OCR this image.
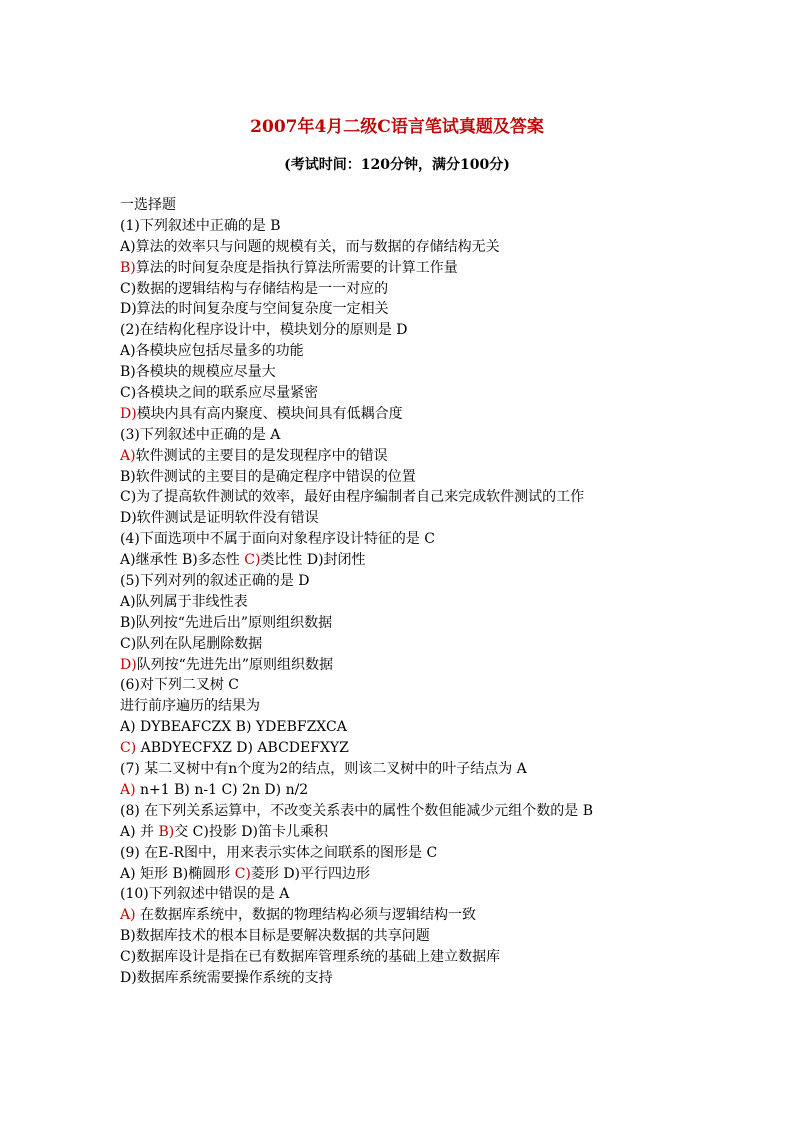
2007年4月二级C语言笔试真题及答案
(考试时间：120分钟，满分100分)
一选择题
(1)下列叙述中正确的是 B
A)算法的效率只与问题的规模有关，而与数据的存储结构无关
B)算法的时间复杂度是指执行算法所需要的计算工作量
C)数据的逻辑结构与存储结构是一一对应的
D)算法的时间复杂度与空间复杂度一定相关
(2)在结构化程序设计中，模块划分的原则是 D
A)各模块应包括尽量多的功能
B)各模块的规模应尽量大
C)各模块之间的联系应尽量紧密
D)模块内具有高内聚度、模块间具有低耦合度
(3)下列叙述中正确的是 A
A)软件测试的主要目的是发现程序中的错误
B)软件测试的主要目的是确定程序中错误的位置
C)为了提高软件测试的效率，最好由程序编制者自己来完成软件测试的工作
D)软件测试是证明软件没有错误
(4)下面选项中不属于面向对象程序设计特征的是 C
A)继承性 B)多态性 C)类比性 D)封闭性
(5)下列对列的叙述正确的是 D
A)队列属于非线性表
B)队列按“先进后出”原则组织数据
C)队列在队尾删除数据
D)队列按“先进先出”原则组织数据
(6)对下列二叉树 C
进行前序遍历的结果为
A) DYBEAFCZX B) YDEBFZXCA
C) ABDYECFXZ D) ABCDEFXYZ
(7) 某二叉树中有n个度为2的结点，则该二叉树中的叶子结点为 A
A) n+1 B) n-1 C) 2n D) n/2
(8) 在下列关系运算中，不改变关系表中的属性个数但能减少元组个数的是 B
A) 并 B)交 C)投影 D)笛卡儿乘积
(9) 在E-R图中，用来表示实体之间联系的图形是 C
A) 矩形 B)椭圆形 C)菱形 D)平行四边形
(10)下列叙述中错误的是 A
A) 在数据库系统中，数据的物理结构必须与逻辑结构一致
B)数据库技术的根本目标是要解决数据的共享问题
C)数据库设计是指在已有数据库管理系统的基础上建立数据库
D)数据库系统需要操作系统的支持
